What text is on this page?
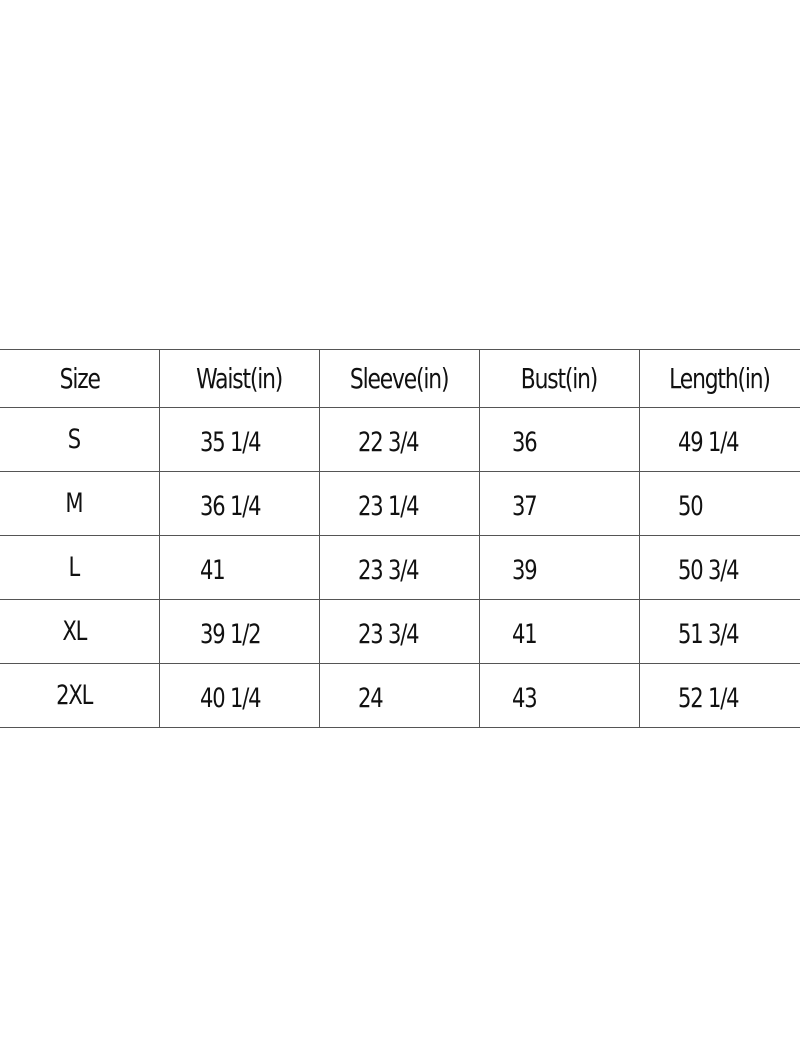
Size	Waist(in)	Sleeve(in)	Bust(in)	Length(in)
S	35 1/4	22 3/4	36	49 1/4
M	36 1/4	23 1/4	37	50
L	41	23 3/4	39	50 3/4
XL	39 1/2	23 3/4	41	51 3/4
2XL	40 1/4	24	43	52 1/4
